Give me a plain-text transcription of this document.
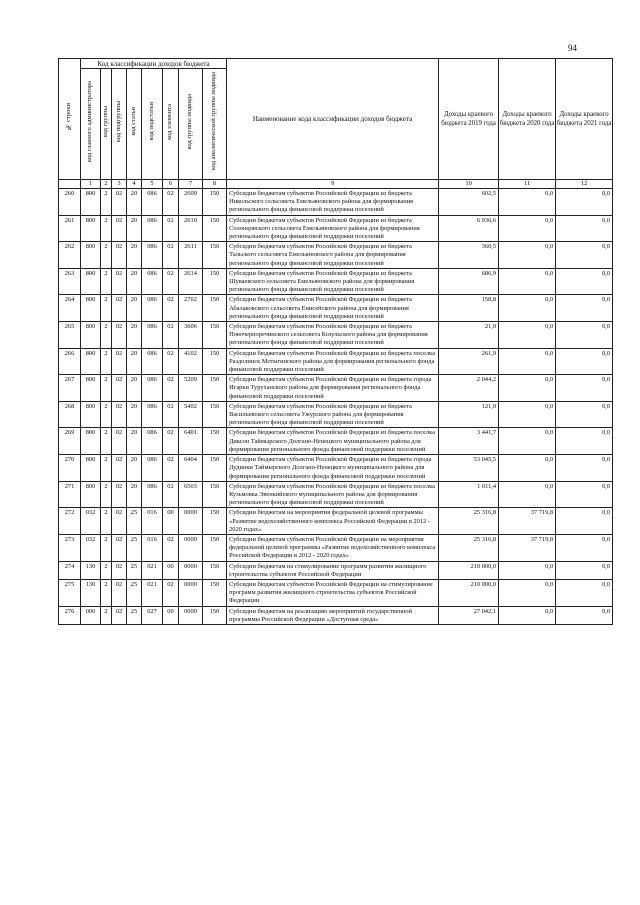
94
№ строки	Код классификации доходов бюджета								Наименование кода классификации доходов бюджета	Доходы краевого бюджета 2019 года	Доходы краевого бюджета 2020 года	Доходы краевого бюджета 2021 года
	код главного администратора	код группы	код подгруппы	код статьи	код подстатьи	код элемента	код группы подвида	код аналитической группы подвида				
	1	2	3	4	5	6	7	8	9	10	11	12
260	800	2	02	20	086	02	2609	150	Субсидии бюджетам субъектов Российской Федерации из бюджета Никольского сельсовета Емельяновского района для формирования регионального фонда финансовой поддержки поселений	602,5	0,0	0,0
261	800	2	02	20	086	02	2610	150	Субсидии бюджетам субъектов Российской Федерации из бюджета Солонцовского сельсовета Емельяновского района для формирования регионального фонда финансовой поддержки поселений	6 936,6	0,0	0,0
262	800	2	02	20	086	02	2611	150	Субсидии бюджетам субъектов Российской Федерации из бюджета Тальского сельсовета Емельяновского района для формирования регионального фонда финансовой поддержки поселений	360,5	0,0	0,0
263	800	2	02	20	086	02	2614	150	Субсидии бюджетам субъектов Российской Федерации из бюджета Шуваевского сельсовета Емельяновского района для формирования регионального фонда финансовой поддержки поселений	686,9	0,0	0,0
264	800	2	02	20	086	02	2702	150	Субсидии бюджетам субъектов Российской Федерации из бюджета Абалаковского сельсовета Енисейского района для формирования регионального фонда финансовой поддержки поселений	158,8	0,0	0,0
265	800	2	02	20	086	02	3606	150	Субсидии бюджетам субъектов Российской Федерации из бюджета Новочерноречинского сельсовета Козульского района для формирования регионального фонда финансовой поддержки поселений	21,0	0,0	0,0
266	800	2	02	20	086	02	4102	150	Субсидии бюджетам субъектов Российской Федерации из бюджета поселка Раздолинск Мотыгинского района для формирования регионального фонда финансовой поддержки поселений	261,9	0,0	0,0
267	800	2	02	20	086	02	5209	150	Субсидии бюджетам субъектов Российской Федерации из бюджета города Игарки Туруханского района для формирования регионального фонда финансовой поддержки поселений	2 044,2	0,0	0,0
268	800	2	02	20	086	02	5402	150	Субсидии бюджетам субъектов Российской Федерации из бюджета Васильевского сельсовета Ужурского района для формирования регионального фонда финансовой поддержки поселений	121,0	0,0	0,0
269	800	2	02	20	086	02	6401	150	Субсидии бюджетам субъектов Российской Федерации из бюджета поселка Диксон Таймырского Долгано-Ненецкого муниципального района для формирования регионального фонда финансовой поддержки поселений	3 441,7	0,0	0,0
270	800	2	02	20	086	02	6404	150	Субсидии бюджетам субъектов Российской Федерации из бюджета города Дудинки Таймырского Долгано-Ненецкого муниципального района для формирования регионального фонда финансовой поддержки поселений	53 045,5	0,0	0,0
271	800	2	02	20	086	02	6503	150	Субсидии бюджетам субъектов Российской Федерации из бюджета поселка Кузьмовка Эвенкийского муниципального района для формирования регионального фонда финансовой поддержки поселений	1 011,4	0,0	0,0
272	032	2	02	25	016	00	0000	150	Субсидии бюджетам на мероприятия федеральной целевой программы «Развитие водохозяйственного комплекса Российской Федерации в 2012 - 2020 годах»	25 316,8	37 719,8	0,0
273	032	2	02	25	016	02	0000	150	Субсидии бюджетам субъектов Российской Федерации на мероприятия федеральной целевой программы «Развитие водохозяйственного комплекса Российской Федерации в 2012 - 2020 годах»	25 316,8	37 719,8	0,0
274	130	2	02	25	021	00	0000	150	Субсидии бюджетам на стимулирование программ развития жилищного строительства субъектов Российской Федерации	210 000,0	0,0	0,0
275	130	2	02	25	021	02	0000	150	Субсидии бюджетам субъектов Российской Федерации на стимулирование программ развития жилищного строительства субъектов Российской Федерации	210 000,0	0,0	0,0
276	000	2	02	25	027	00	0000	150	Субсидии бюджетам на реализацию мероприятий государственной программы Российской Федерации «Доступная среда»	27 042,1	0,0	0,0
